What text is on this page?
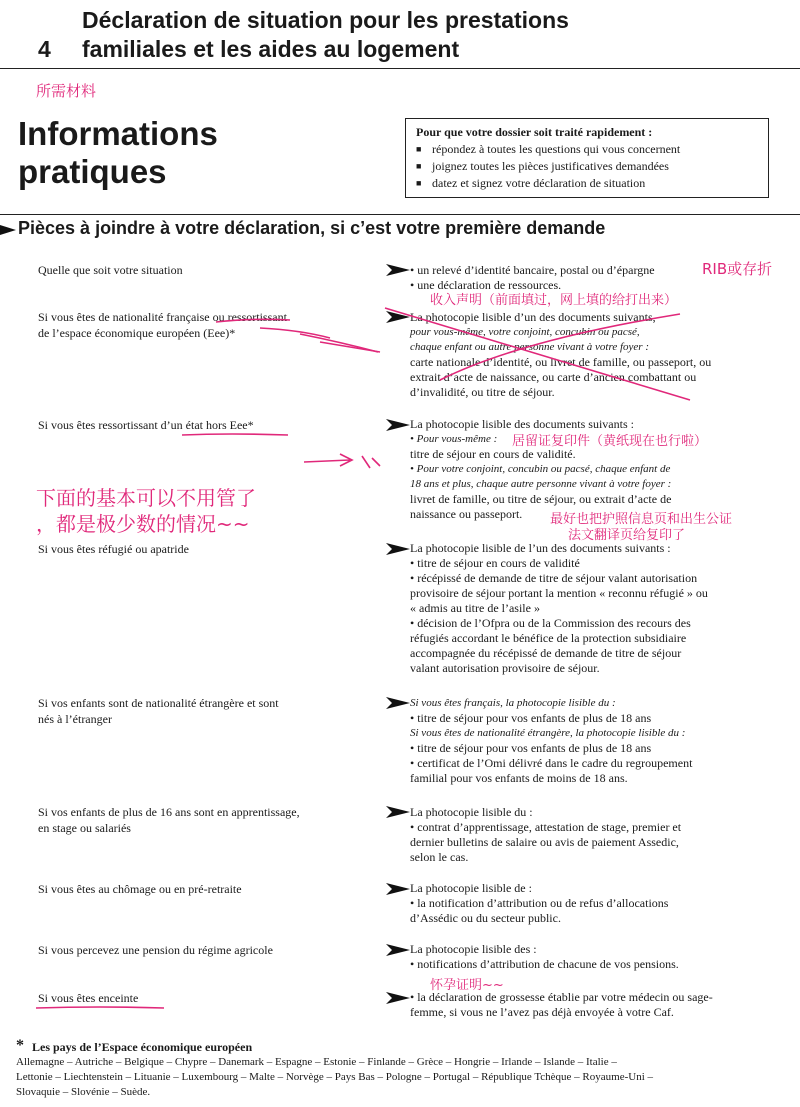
4
Déclaration de situation pour les prestations
familiales et les aides au logement
所需材料
Informations
pratiques
Pour que votre dossier soit traité rapidement :
■ répondez à toutes les questions qui vous concernent
■ joignez toutes les pièces justificatives demandées
■ datez et signez votre déclaration de situation
Pièces à joindre à votre déclaration, si c’est votre première demande
Quelle que soit votre situation	• un relevé d’identité bancaire, postal ou d’épargne
• une déclaration de ressources.
RIB或存折
收入声明（前面填过，网上填的给打出来）
Si vous êtes de nationalité française ou ressortissant
de l’espace économique européen (Eee)*
La photocopie lisible d’un des documents suivants,
pour vous-même, votre conjoint, concubin ou pacsé,
chaque enfant ou autre personne vivant à votre foyer :
carte nationale d’identité, ou livret de famille, ou passeport, ou
extrait d’acte de naissance, ou carte d’ancien combattant ou
d’invalidité, ou titre de séjour.
Si vous êtes ressortissant d’un état hors Eee*	La photocopie lisible des documents suivants :
• Pour vous-même :
titre de séjour en cours de validité.
• Pour votre conjoint, concubin ou pacsé, chaque enfant de
18 ans et plus, chaque autre personne vivant à votre foyer :
livret de famille, ou titre de séjour, ou extrait d’acte de
naissance ou passeport.
居留证复印件（黄纸现在也行啦）
最好也把护照信息页和出生公证
法文翻译页给复印了
下面的基本可以不用管了
，都是极少数的情况~~
Si vous êtes réfugié ou apatride	La photocopie lisible de l’un des documents suivants :
• titre de séjour en cours de validité
• récépissé de demande de titre de séjour valant autorisation
provisoire de séjour portant la mention « reconnu réfugié » ou
« admis au titre de l’asile »
• décision de l’Ofpra ou de la Commission des recours des
réfugiés accordant le bénéfice de la protection subsidiaire
accompagnée du récépissé de demande de titre de séjour
valant autorisation provisoire de séjour.
Si vos enfants sont de nationalité étrangère et sont
nés à l’étranger
Si vous êtes français, la photocopie lisible du :
• titre de séjour pour vos enfants de plus de 18 ans
Si vous êtes de nationalité étrangère, la photocopie lisible du :
• titre de séjour pour vos enfants de plus de 18 ans
• certificat de l’Omi délivré dans le cadre du regroupement
familial pour vos enfants de moins de 18 ans.
Si vos enfants de plus de 16 ans sont en apprentissage,
en stage ou salariés
La photocopie lisible du :
• contrat d’apprentissage, attestation de stage, premier et
dernier bulletins de salaire ou avis de paiement Assedic,
selon le cas.
Si vous êtes au chômage ou en pré-retraite	La photocopie lisible de :
• la notification d’attribution ou de refus d’allocations
d’Assédic ou du secteur public.
Si vous percevez une pension du régime agricole	La photocopie lisible des :
• notifications d’attribution de chacune de vos pensions.
Si vous êtes enceinte	• la déclaration de grossesse établie par votre médecin ou sage-
femme, si vous ne l’avez pas déjà envoyée à votre Caf.
怀孕证明~~
* Les pays de l’Espace économique européen
Allemagne – Autriche – Belgique – Chypre – Danemark – Espagne – Estonie – Finlande – Grèce – Hongrie – Irlande – Islande – Italie –
Lettonie – Liechtenstein – Lituanie – Luxembourg – Malte – Norvège – Pays Bas – Pologne – Portugal – République Tchèque – Royaume-Uni –
Slovaquie – Slovénie – Suède.
